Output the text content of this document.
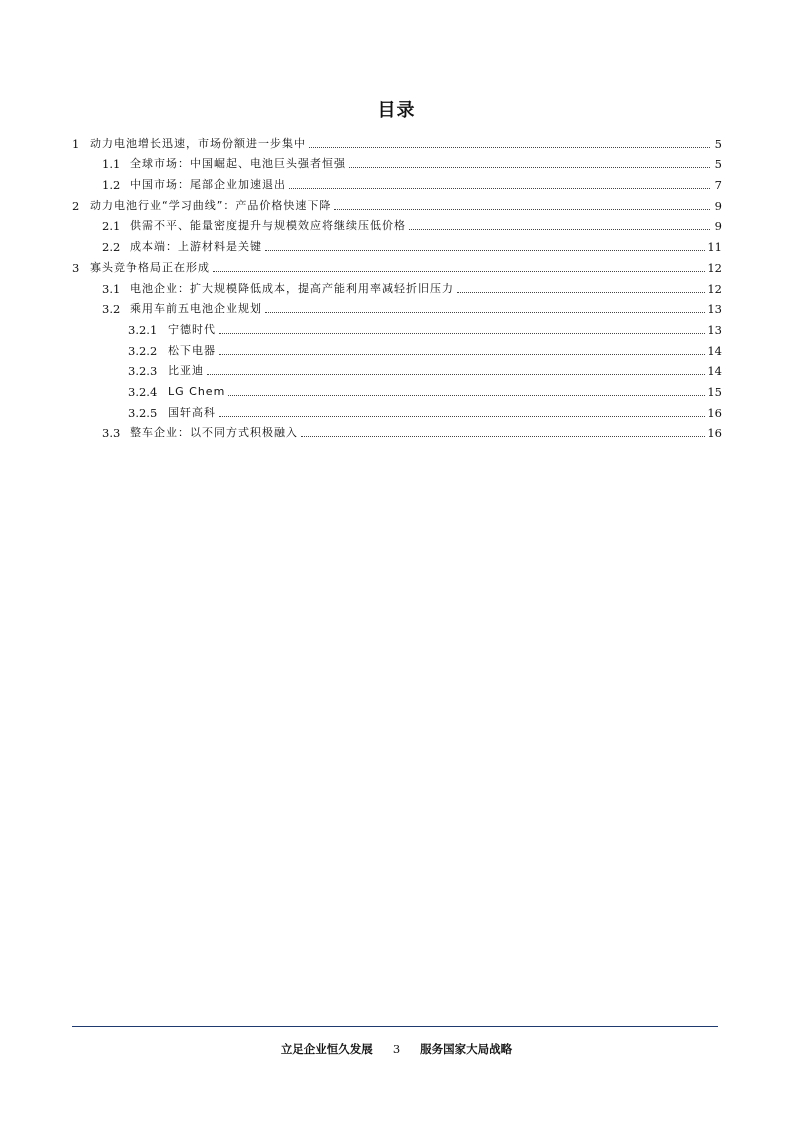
目录
1 动力电池增长迅速，市场份额进一步集中	5
1.1 全球市场：中国崛起、电池巨头强者恒强	5
1.2 中国市场：尾部企业加速退出	7
2 动力电池行业“学习曲线”：产品价格快速下降	9
2.1 供需不平、能量密度提升与规模效应将继续压低价格	9
2.2 成本端：上游材料是关键	11
3 寡头竞争格局正在形成	12
3.1 电池企业：扩大规模降低成本，提高产能利用率减轻折旧压力	12
3.2 乘用车前五电池企业规划	13
3.2.1 宁德时代	13
3.2.2 松下电器	14
3.2.3 比亚迪	14
3.2.4 LG Chem	15
3.2.5 国轩高科	16
3.3 整车企业：以不同方式积极融入	16
立足企业恒久发展 3 服务国家大局战略
